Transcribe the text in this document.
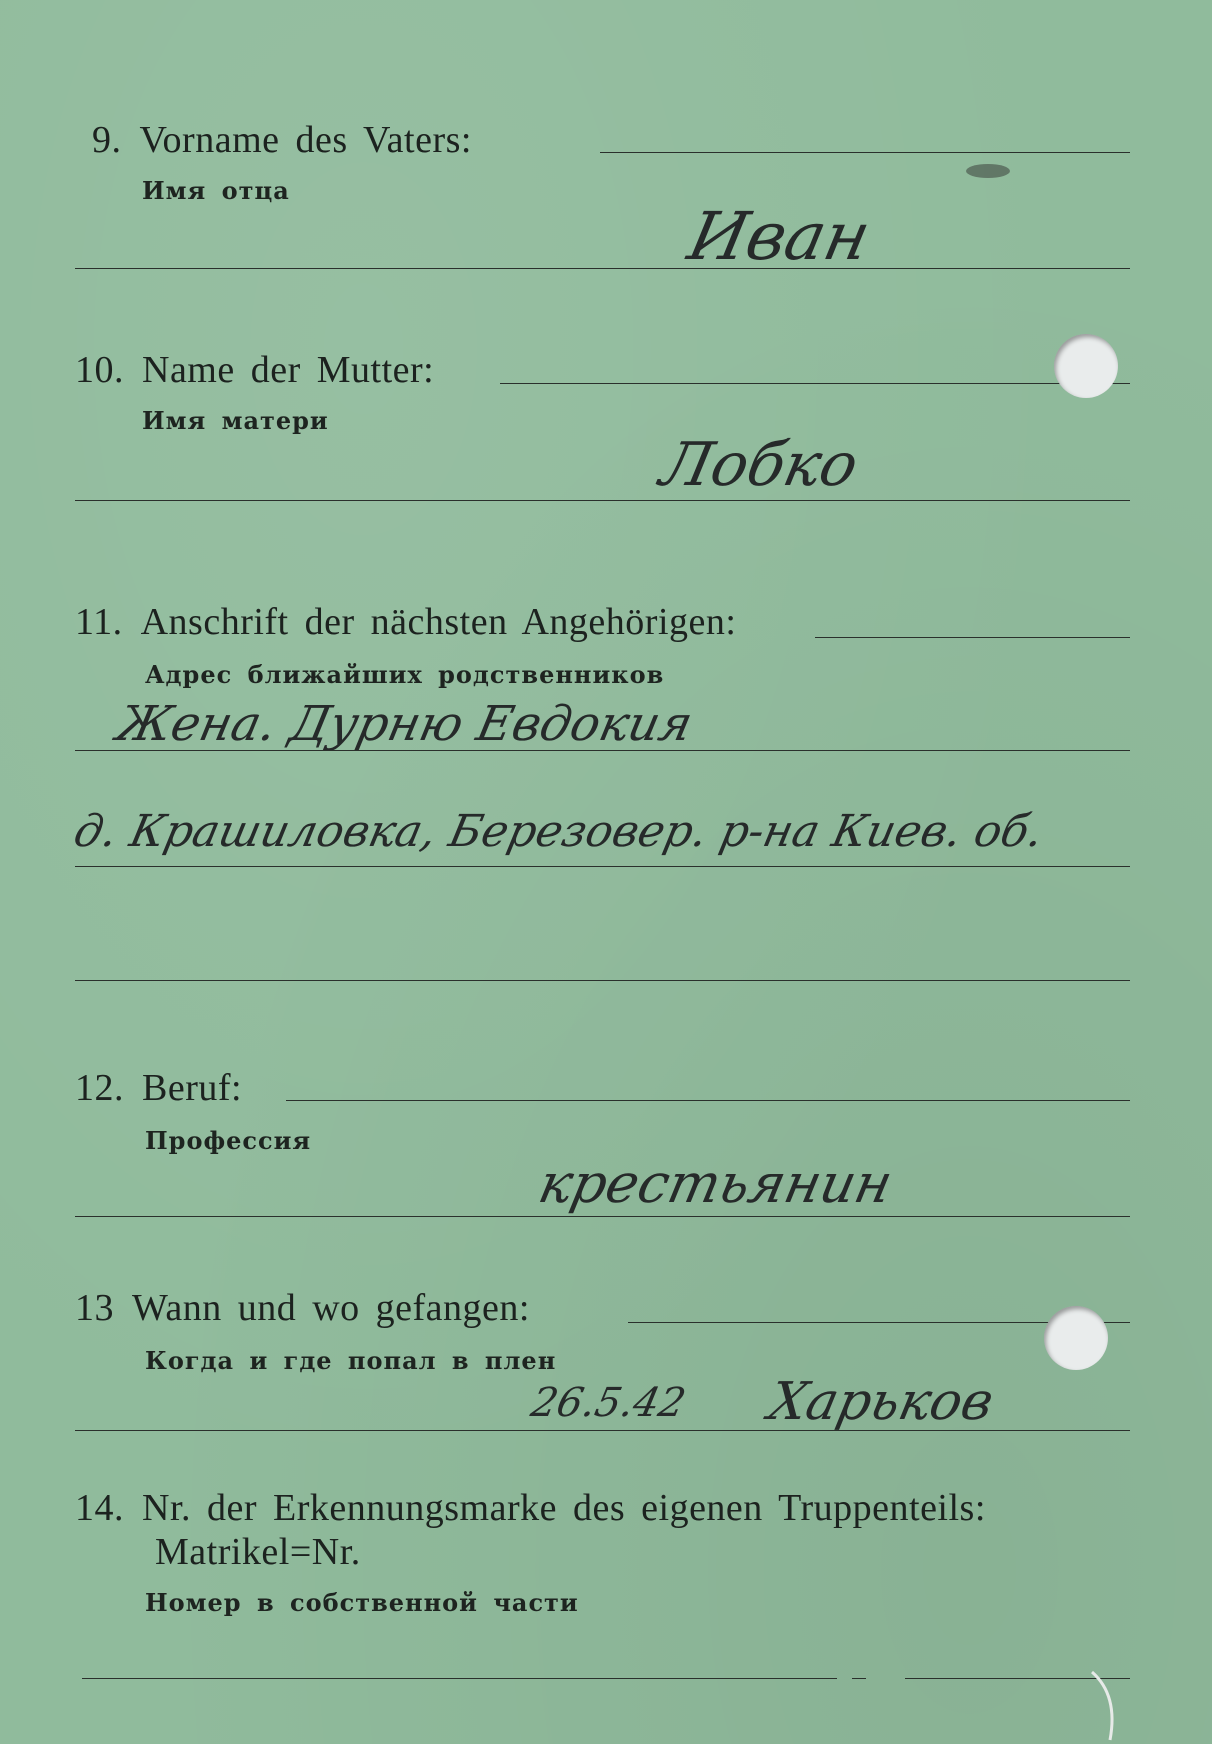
9. Vorname des Vaters:
Имя отца
Иван
10. Name der Mutter:
Имя матери
Лобко
11. Anschrift der nächsten Angehörigen:
Адрес ближайших родственников
Жена. Дурню Евдокия
д. Крашиловка, Березовер. р-на Киев. об.
12. Beruf:
Профессия
крестьянин
13 Wann und wo gefangen:
Когда и где попал в плен
26.5.42 Харьков
14. Nr. der Erkennungsmarke des eigenen Truppenteils:
Matrikel=Nr.
Номер в собственной части
